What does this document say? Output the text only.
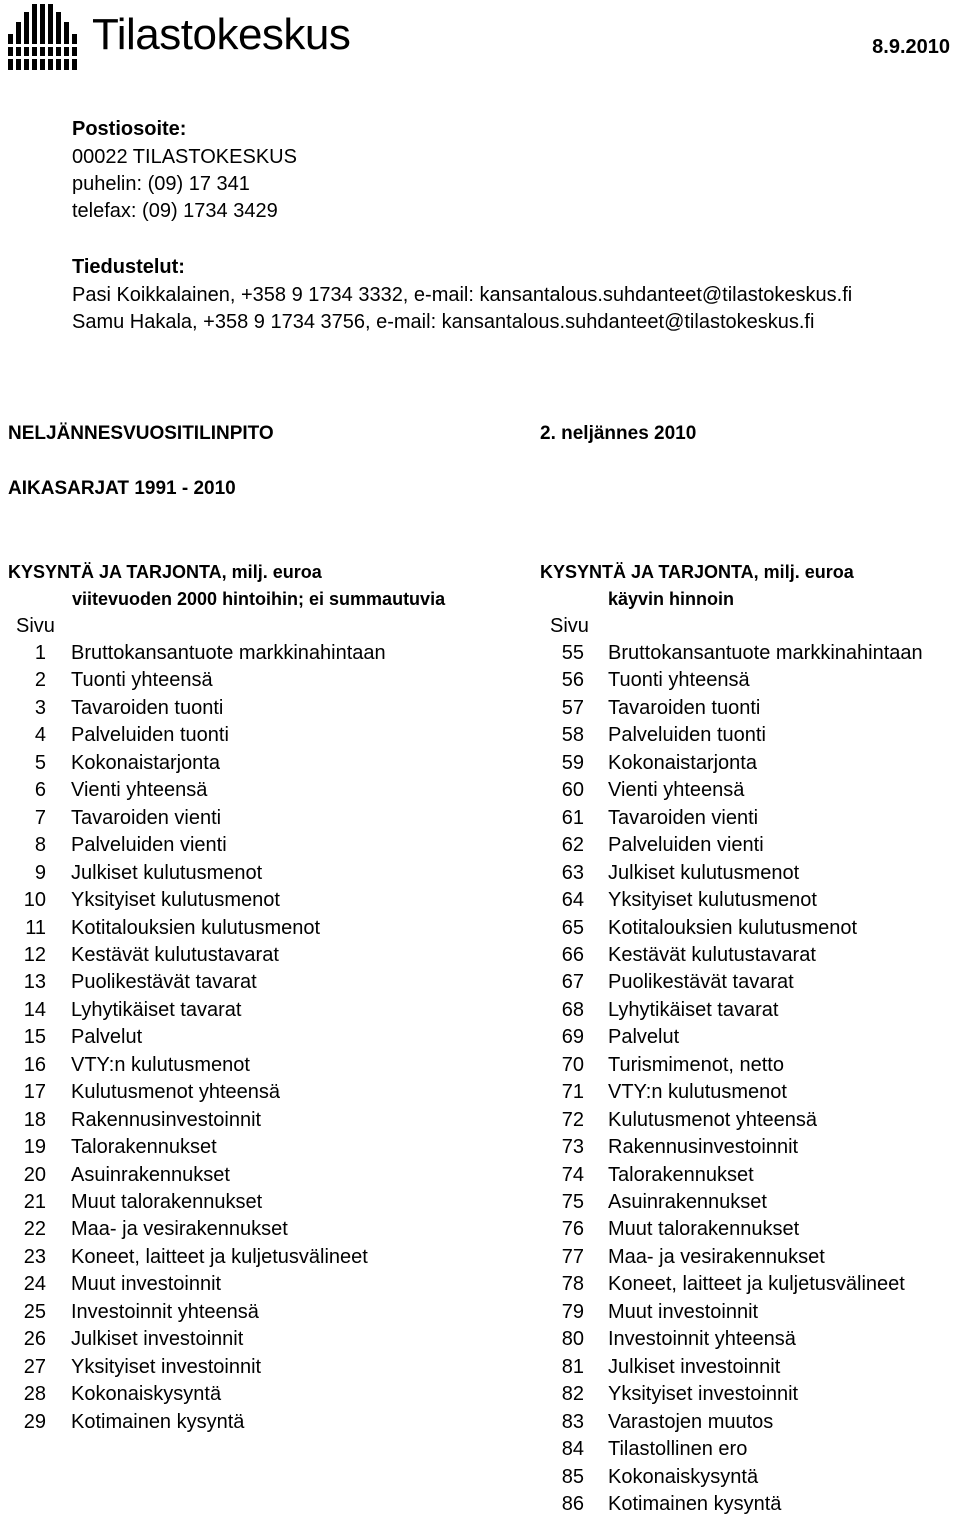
Tilastokeskus	8.9.2010
Postiosoite:
00022 TILASTOKESKUS
puhelin: (09) 17 341
telefax: (09) 1734 3429
Tiedustelut:
Pasi Koikkalainen, +358 9 1734 3332, e-mail: kansantalous.suhdanteet@tilastokeskus.fi
Samu Hakala, +358 9 1734 3756, e-mail: kansantalous.suhdanteet@tilastokeskus.fi
NELJÄNNESVUOSITILINPITO	2. neljännes 2010
AIKASARJAT 1991 - 2010
KYSYNTÄ JA TARJONTA, milj. euroa
viitevuoden 2000 hintoihin; ei summautuvia
Sivu
1 Bruttokansantuote markkinahintaan
2 Tuonti yhteensä
3 Tavaroiden tuonti
4 Palveluiden tuonti
5 Kokonaistarjonta
6 Vienti yhteensä
7 Tavaroiden vienti
8 Palveluiden vienti
9 Julkiset kulutusmenot
10 Yksityiset kulutusmenot
11 Kotitalouksien kulutusmenot
12 Kestävät kulutustavarat
13 Puolikestävät tavarat
14 Lyhytikäiset tavarat
15 Palvelut
16 VTY:n kulutusmenot
17 Kulutusmenot yhteensä
18 Rakennusinvestoinnit
19 Talorakennukset
20 Asuinrakennukset
21 Muut talorakennukset
22 Maa- ja vesirakennukset
23 Koneet, laitteet ja kuljetusvälineet
24 Muut investoinnit
25 Investoinnit yhteensä
26 Julkiset investoinnit
27 Yksityiset investoinnit
28 Kokonaiskysyntä
29 Kotimainen kysyntä
KYSYNTÄ JA TARJONTA, milj. euroa
käyvin hinnoin
Sivu
55 Bruttokansantuote markkinahintaan
56 Tuonti yhteensä
57 Tavaroiden tuonti
58 Palveluiden tuonti
59 Kokonaistarjonta
60 Vienti yhteensä
61 Tavaroiden vienti
62 Palveluiden vienti
63 Julkiset kulutusmenot
64 Yksityiset kulutusmenot
65 Kotitalouksien kulutusmenot
66 Kestävät kulutustavarat
67 Puolikestävät tavarat
68 Lyhytikäiset tavarat
69 Palvelut
70 Turismimenot, netto
71 VTY:n kulutusmenot
72 Kulutusmenot yhteensä
73 Rakennusinvestoinnit
74 Talorakennukset
75 Asuinrakennukset
76 Muut talorakennukset
77 Maa- ja vesirakennukset
78 Koneet, laitteet ja kuljetusvälineet
79 Muut investoinnit
80 Investoinnit yhteensä
81 Julkiset investoinnit
82 Yksityiset investoinnit
83 Varastojen muutos
84 Tilastollinen ero
85 Kokonaiskysyntä
86 Kotimainen kysyntä
